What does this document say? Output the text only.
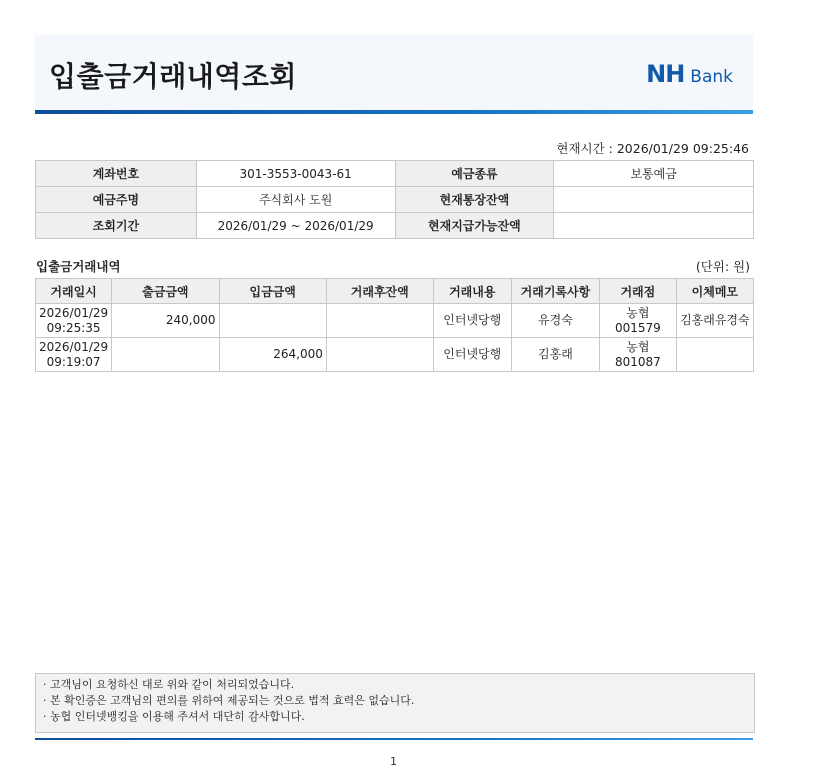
입출금거래내역조회	NH Bank
현재시간 : 2026/01/29 09:25:46
계좌번호	301-3553-0043-61	예금종류	보통예금
예금주명	주식회사 도원	현재통장잔액	
조회기간	2026/01/29 ~ 2026/01/29	현재지급가능잔액	
입출금거래내역	(단위: 원)
거래일시	출금금액	입금금액	거래후잔액	거래내용	거래기록사항	거래점	이체메모

2026/01/29
09:25:35	240,000			인터넷당행	유경숙	농협 001579	김홍래유경숙

2026/01/29
09:19:07		264,000		인터넷당행	김홍래	농협 801087	
· 고객님이 요청하신 대로 위와 같이 처리되었습니다.
· 본 확인증은 고객님의 편의를 위하여 제공되는 것으로 법적 효력은 없습니다.
· 농협 인터넷뱅킹을 이용해 주셔서 대단히 감사합니다.
1
